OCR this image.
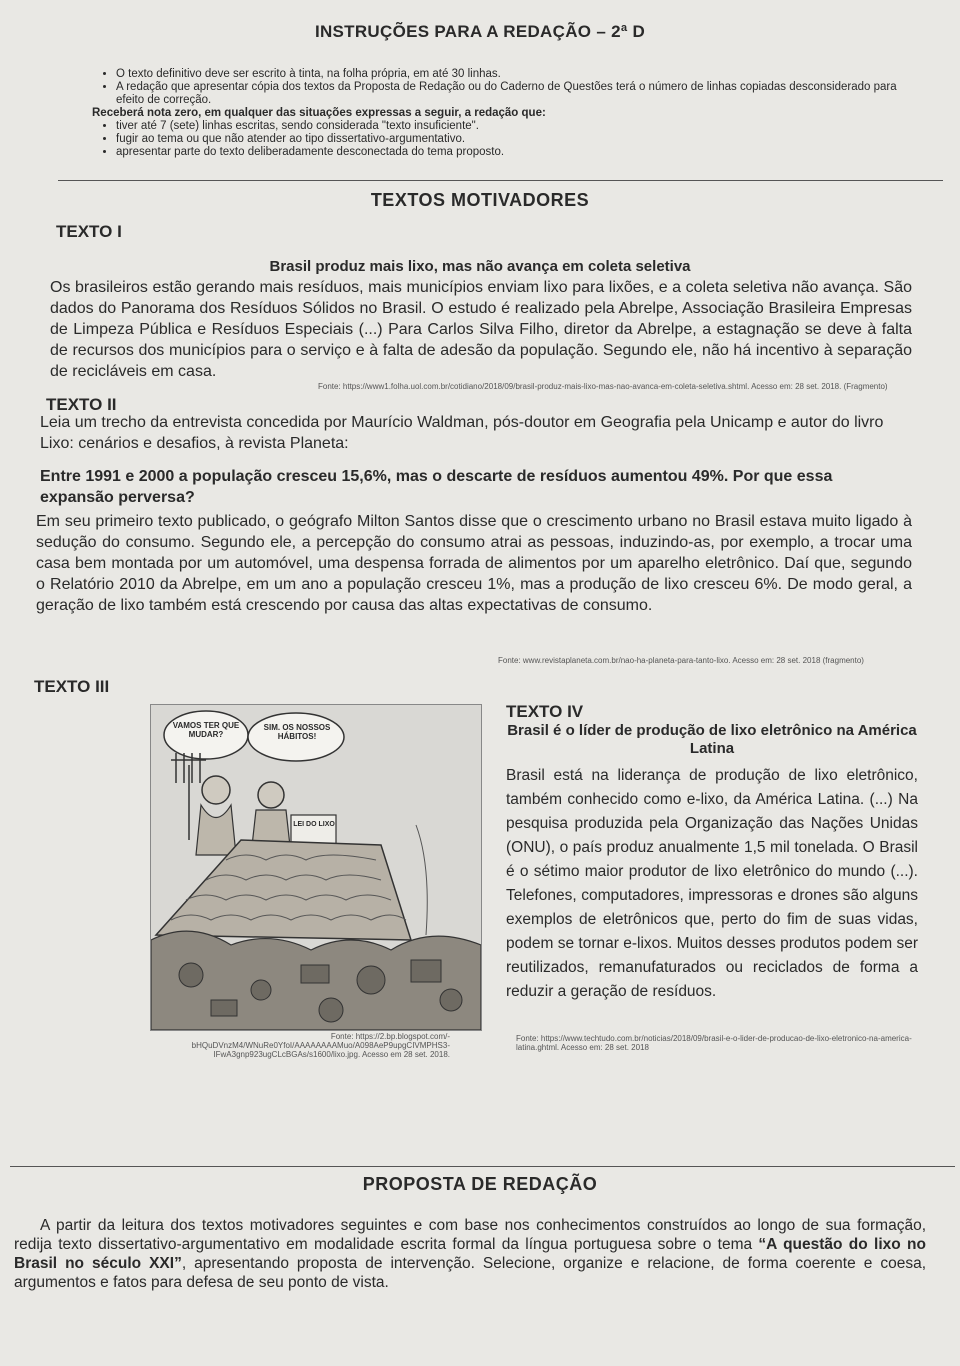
INSTRUÇÕES PARA A REDAÇÃO – 2ª D
• O texto definitivo deve ser escrito à tinta, na folha própria, em até 30 linhas.
• A redação que apresentar cópia dos textos da Proposta de Redação ou do Caderno de Questões terá o número de linhas copiadas desconsiderado para efeito de correção.
Receberá nota zero, em qualquer das situações expressas a seguir, a redação que:
• tiver até 7 (sete) linhas escritas, sendo considerada "texto insuficiente".
• fugir ao tema ou que não atender ao tipo dissertativo-argumentativo.
• apresentar parte do texto deliberadamente desconectada do tema proposto.
TEXTOS MOTIVADORES
TEXTO I
Brasil produz mais lixo, mas não avança em coleta seletiva
Os brasileiros estão gerando mais resíduos, mais municípios enviam lixo para lixões, e a coleta seletiva não avança. São dados do Panorama dos Resíduos Sólidos no Brasil. O estudo é realizado pela Abrelpe, Associação Brasileira Empresas de Limpeza Pública e Resíduos Especiais (...) Para Carlos Silva Filho, diretor da Abrelpe, a estagnação se deve à falta de recursos dos municípios para o serviço e à falta de adesão da população. Segundo ele, não há incentivo à separação de recicláveis em casa.
Fonte: https://www1.folha.uol.com.br/cotidiano/2018/09/brasil-produz-mais-lixo-mas-nao-avanca-em-coleta-seletiva.shtml. Acesso em: 28 set. 2018. (Fragmento)
TEXTO II
Leia um trecho da entrevista concedida por Maurício Waldman, pós-doutor em Geografia pela Unicamp e autor do livro Lixo: cenários e desafios, à revista Planeta:
Entre 1991 e 2000 a população cresceu 15,6%, mas o descarte de resíduos aumentou 49%. Por que essa expansão perversa?
Em seu primeiro texto publicado, o geógrafo Milton Santos disse que o crescimento urbano no Brasil estava muito ligado à sedução do consumo. Segundo ele, a percepção do consumo atrai as pessoas, induzindo-as, por exemplo, a trocar uma casa bem montada por um automóvel, uma despensa forrada de alimentos por um aparelho eletrônico. Daí que, segundo o Relatório 2010 da Abrelpe, em um ano a população cresceu 1%, mas a produção de lixo cresceu 6%. De modo geral, a geração de lixo também está crescendo por causa das altas expectativas de consumo.
Fonte: www.revistaplaneta.com.br/nao-ha-planeta-para-tanto-lixo. Acesso em: 28 set. 2018 (fragmento)
TEXTO III
VAMOS TER QUE MUDAR?
SIM. OS NOSSOS HÁBITOS!
LEI DO LIXO
Fonte: https://2.bp.blogspot.com/-bHQuDVnzM4/WNuRe0YfoI/AAAAAAAAMuo/A098AeP9upgCIVMPHS3-IFwA3gnp923ugCLcBGAs/s1600/lixo.jpg. Acesso em 28 set. 2018.
TEXTO IV
Brasil é o líder de produção de lixo eletrônico na América Latina
Brasil está na liderança de produção de lixo eletrônico, também conhecido como e-lixo, da América Latina. (...) Na pesquisa produzida pela Organização das Nações Unidas (ONU), o país produz anualmente 1,5 mil tonelada. O Brasil é o sétimo maior produtor de lixo eletrônico do mundo (...). Telefones, computadores, impressoras e drones são alguns exemplos de eletrônicos que, perto do fim de suas vidas, podem se tornar e-lixos. Muitos desses produtos podem ser reutilizados, remanufaturados ou reciclados de forma a reduzir a geração de resíduos.
Fonte: https://www.techtudo.com.br/noticias/2018/09/brasil-e-o-lider-de-producao-de-lixo-eletronico-na-america-latina.ghtml. Acesso em: 28 set. 2018
PROPOSTA DE REDAÇÃO
A partir da leitura dos textos motivadores seguintes e com base nos conhecimentos construídos ao longo de sua formação, redija texto dissertativo-argumentativo em modalidade escrita formal da língua portuguesa sobre o tema “A questão do lixo no Brasil no século XXI”, apresentando proposta de intervenção. Selecione, organize e relacione, de forma coerente e coesa, argumentos e fatos para defesa de seu ponto de vista.
